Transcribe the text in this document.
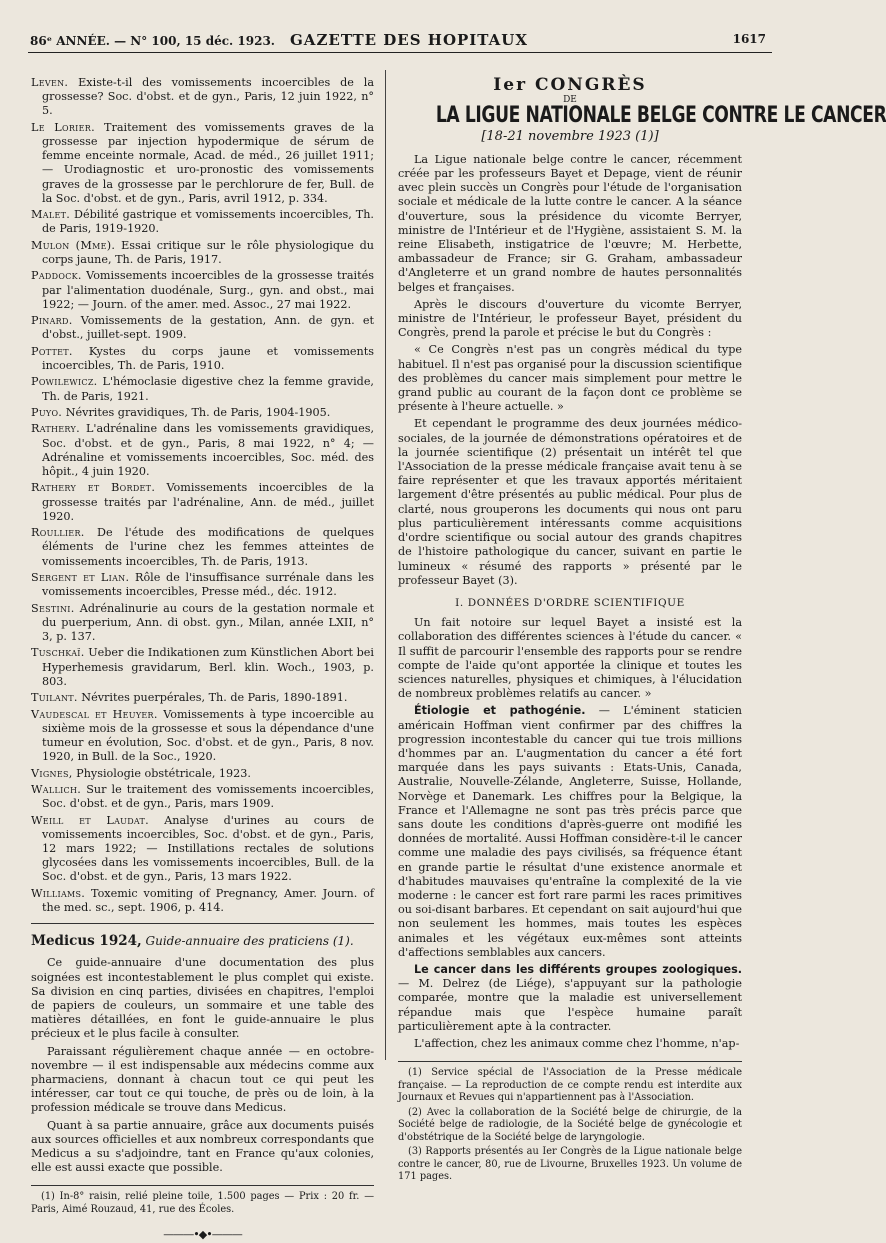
86ᵉ ANNÉE. — N° 100, 15 déc. 1923. GAZETTE DES HOPITAUX	1617

Leven. Existe-t-il des vomissements incoercibles de la grossesse? Soc. d'obst. et de gyn., Paris, 12 juin 1922, n° 5.

Le Lorier. Traitement des vomissements graves de la grossesse par injection hypodermique de sérum de femme enceinte normale, Acad. de méd., 26 juillet 1911; — Urodiagnostic et uro-pronostic des vomissements graves de la grossesse par le perchlorure de fer, Bull. de la Soc. d'obst. et de gyn., Paris, avril 1912, p. 334.

Malet. Débilité gastrique et vomissements incoercibles, Th. de Paris, 1919-1920.

Mulon (Mme). Essai critique sur le rôle physiologique du corps jaune, Th. de Paris, 1917.

Paddock. Vomissements incoercibles de la grossesse traités par l'alimentation duodénale, Surg., gyn. and obst., mai 1922; — Journ. of the amer. med. Assoc., 27 mai 1922.

Pinard. Vomissements de la gestation, Ann. de gyn. et d'obst., juillet-sept. 1909.

Pottet. Kystes du corps jaune et vomissements incoercibles, Th. de Paris, 1910.

Powilewicz. L'hémoclasie digestive chez la femme gravide, Th. de Paris, 1921.

Puyo. Névrites gravidiques, Th. de Paris, 1904-1905.

Rathery. L'adrénaline dans les vomissements gravidiques, Soc. d'obst. et de gyn., Paris, 8 mai 1922, n° 4; — Adrénaline et vomissements incoercibles, Soc. méd. des hôpit., 4 juin 1920.

Rathery et Bordet. Vomissements incoercibles de la grossesse traités par l'adrénaline, Ann. de méd., juillet 1920.

Roullier. De l'étude des modifications de quelques éléments de l'urine chez les femmes atteintes de vomissements incoercibles, Th. de Paris, 1913.

Sergent et Lian. Rôle de l'insuffisance surrénale dans les vomissements incoercibles, Presse méd., déc. 1912.

Sestini. Adrénalinurie au cours de la gestation normale et du puerperium, Ann. di obst. gyn., Milan, année LXII, n° 3, p. 137.

Tuschkaï. Ueber die Indikationen zum Künstlichen Abort bei Hyperhemesis gravidarum, Berl. klin. Woch., 1903, p. 803.

Tuilant. Névrites puerpérales, Th. de Paris, 1890-1891.

Vaudescal et Heuyer. Vomissements à type incoercible au sixième mois de la grossesse et sous la dépendance d'une tumeur en évolution, Soc. d'obst. et de gyn., Paris, 8 nov. 1920, in Bull. de la Soc., 1920.

Vignes, Physiologie obstétricale, 1923.

Wallich. Sur le traitement des vomissements incoercibles, Soc. d'obst. et de gyn., Paris, mars 1909.

Weill et Laudat. Analyse d'urines au cours de vomissements incoercibles, Soc. d'obst. et de gyn., Paris, 12 mars 1922; — Instillations rectales de solutions glycosées dans les vomissements incoercibles, Bull. de la Soc. d'obst. et de gyn., Paris, 13 mars 1922.

Williams. Toxemic vomiting of Pregnancy, Amer. Journ. of the med. sc., sept. 1906, p. 414.

Medicus 1924, Guide-annuaire des praticiens (1).

Ce guide-annuaire d'une documentation des plus soignées est incontestablement le plus complet qui existe. Sa division en cinq parties, divisées en chapitres, l'emploi de papiers de couleurs, un sommaire et une table des matières détaillées, en font le guide-annuaire le plus précieux et le plus facile à consulter.

Paraissant régulièrement chaque année — en octobre-novembre — il est indispensable aux médecins comme aux pharmaciens, donnant à chacun tout ce qui peut les intéresser, car tout ce qui touche, de près ou de loin, à la profession médicale se trouve dans Medicus.

Quant à sa partie annuaire, grâce aux documents puisés aux sources officielles et aux nombreux correspondants que Medicus a su s'adjoindre, tant en France qu'aux colonies, elle est aussi exacte que possible.

(1) In-8° raisin, relié pleine toile, 1.500 pages — Prix : 20 fr. — Paris, Aimé Rouzaud, 41, rue des Écoles.

———•◆•———
Ier CONGRÈS
DE
LA LIGUE NATIONALE BELGE CONTRE LE CANCER
[18-21 novembre 1923 (1)]

La Ligue nationale belge contre le cancer, récemment créée par les professeurs Bayet et Depage, vient de réunir avec plein succès un Congrès pour l'étude de l'organisation sociale et médicale de la lutte contre le cancer. A la séance d'ouverture, sous la présidence du vicomte Berryer, ministre de l'Intérieur et de l'Hygiène, assistaient S. M. la reine Elisabeth, instigatrice de l'œuvre; M. Herbette, ambassadeur de France; sir G. Graham, ambassadeur d'Angleterre et un grand nombre de hautes personnalités belges et françaises.

Après le discours d'ouverture du vicomte Berryer, ministre de l'Intérieur, le professeur Bayet, président du Congrès, prend la parole et précise le but du Congrès :

« Ce Congrès n'est pas un congrès médical du type habituel. Il n'est pas organisé pour la discussion scientifique des problèmes du cancer mais simplement pour mettre le grand public au courant de la façon dont ce problème se présente à l'heure actuelle. »

Et cependant le programme des deux journées médico-sociales, de la journée de démonstrations opératoires et de la journée scientifique (2) présentait un intérêt tel que l'Association de la presse médicale française avait tenu à se faire représenter et que les travaux apportés méritaient largement d'être présentés au public médical. Pour plus de clarté, nous grouperons les documents qui nous ont paru plus particulièrement intéressants comme acquisitions d'ordre scientifique ou social autour des grands chapitres de l'histoire pathologique du cancer, suivant en partie le lumineux « résumé des rapports » présenté par le professeur Bayet (3).

I. DONNÉES D'ORDRE SCIENTIFIQUE

Un fait notoire sur lequel Bayet a insisté est la collaboration des différentes sciences à l'étude du cancer. « Il suffit de parcourir l'ensemble des rapports pour se rendre compte de l'aide qu'ont apportée la clinique et toutes les sciences naturelles, physiques et chimiques, à l'élucidation de nombreux problèmes relatifs au cancer. »

Étiologie et pathogénie. — L'éminent staticien américain Hoffman vient confirmer par des chiffres la progression incontestable du cancer qui tue trois millions d'hommes par an. L'augmentation du cancer a été fort marquée dans les pays suivants : Etats-Unis, Canada, Australie, Nouvelle-Zélande, Angleterre, Suisse, Hollande, Norvège et Danemark. Les chiffres pour la Belgique, la France et l'Allemagne ne sont pas très précis parce que sans doute les conditions d'après-guerre ont modifié les données de mortalité. Aussi Hoffman considère-t-il le cancer comme une maladie des pays civilisés, sa fréquence étant en grande partie le résultat d'une existence anormale et d'habitudes mauvaises qu'entraîne la complexité de la vie moderne : le cancer est fort rare parmi les races primitives ou soi-disant barbares. Et cependant on sait aujourd'hui que non seulement les hommes, mais toutes les espèces animales et les végétaux eux-mêmes sont atteints d'affections semblables aux cancers.

Le cancer dans les différents groupes zoologiques. — M. Delrez (de Liége), s'appuyant sur la pathologie comparée, montre que la maladie est universellement répandue mais que l'espèce humaine paraît particulièrement apte à la contracter.

L'affection, chez les animaux comme chez l'homme, n'ap-

(1) Service spécial de l'Association de la Presse médicale française. — La reproduction de ce compte rendu est interdite aux Journaux et Revues qui n'appartiennent pas à l'Association.

(2) Avec la collaboration de la Société belge de chirurgie, de la Société belge de radiologie, de la Société belge de gynécologie et d'obstétrique de la Société belge de laryngologie.

(3) Rapports présentés au Ier Congrès de la Ligue nationale belge contre le cancer, 80, rue de Livourne, Bruxelles 1923. Un volume de 171 pages.
